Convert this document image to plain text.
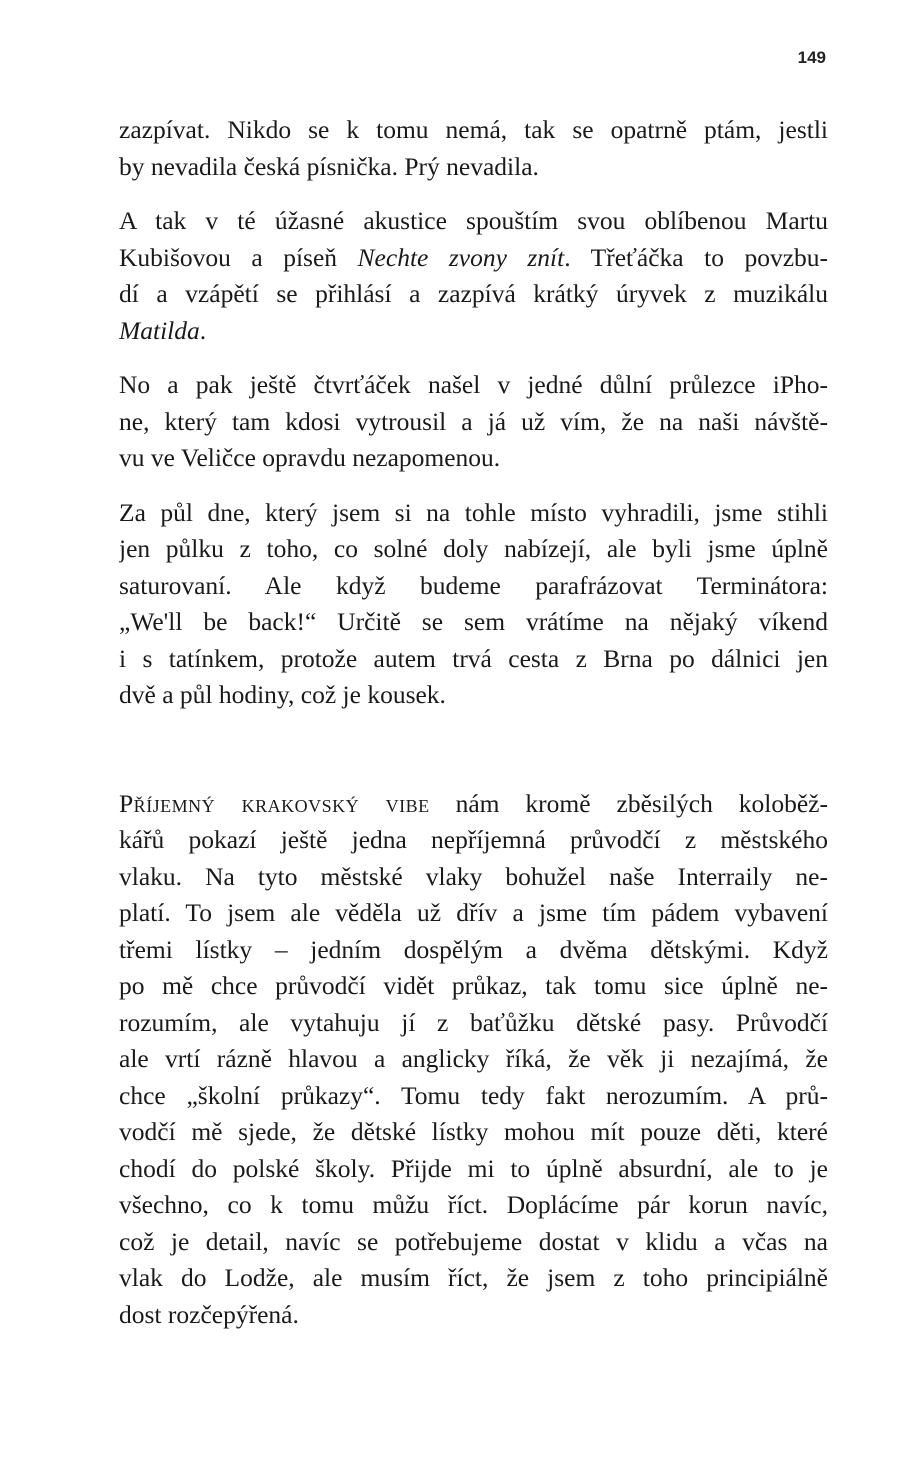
149
zazpívat. Nikdo se k tomu nemá, tak se opatrně ptám, jestli
by nevadila česká písnička. Prý nevadila.
A tak v té úžasné akustice spouštím svou oblíbenou Martu
Kubišovou a píseň Nechte zvony znít. Třeťáčka to povzbu-
dí a vzápětí se přihlásí a zazpívá krátký úryvek z muzikálu
Matilda.
No a pak ještě čtvrťáček našel v jedné důlní průlezce iPho-
ne, který tam kdosi vytrousil a já už vím, že na naši návště-
vu ve Veličce opravdu nezapomenou.
Za půl dne, který jsem si na tohle místo vyhradili, jsme stihli
jen půlku z toho, co solné doly nabízejí, ale byli jsme úplně
saturovaní. Ale když budeme parafrázovat Terminátora:
„We'll be back!“ Určitě se sem vrátíme na nějaký víkend
i s tatínkem, protože autem trvá cesta z Brna po dálnici jen
dvě a půl hodiny, což je kousek.
Příjemný krakovský vibe nám kromě zběsilých koloběž-
kářů pokazí ještě jedna nepříjemná průvodčí z městského
vlaku. Na tyto městské vlaky bohužel naše Interraily ne-
platí. To jsem ale věděla už dřív a jsme tím pádem vybavení
třemi lístky – jedním dospělým a dvěma dětskými. Když
po mě chce průvodčí vidět průkaz, tak tomu sice úplně ne-
rozumím, ale vytahuju jí z baťůžku dětské pasy. Průvodčí
ale vrtí rázně hlavou a anglicky říká, že věk ji nezajímá, že
chce „školní průkazy“. Tomu tedy fakt nerozumím. A prů-
vodčí mě sjede, že dětské lístky mohou mít pouze děti, které
chodí do polské školy. Přijde mi to úplně absurdní, ale to je
všechno, co k tomu můžu říct. Doplácíme pár korun navíc,
což je detail, navíc se potřebujeme dostat v klidu a včas na
vlak do Lodže, ale musím říct, že jsem z toho principiálně
dost rozčepýřená.
